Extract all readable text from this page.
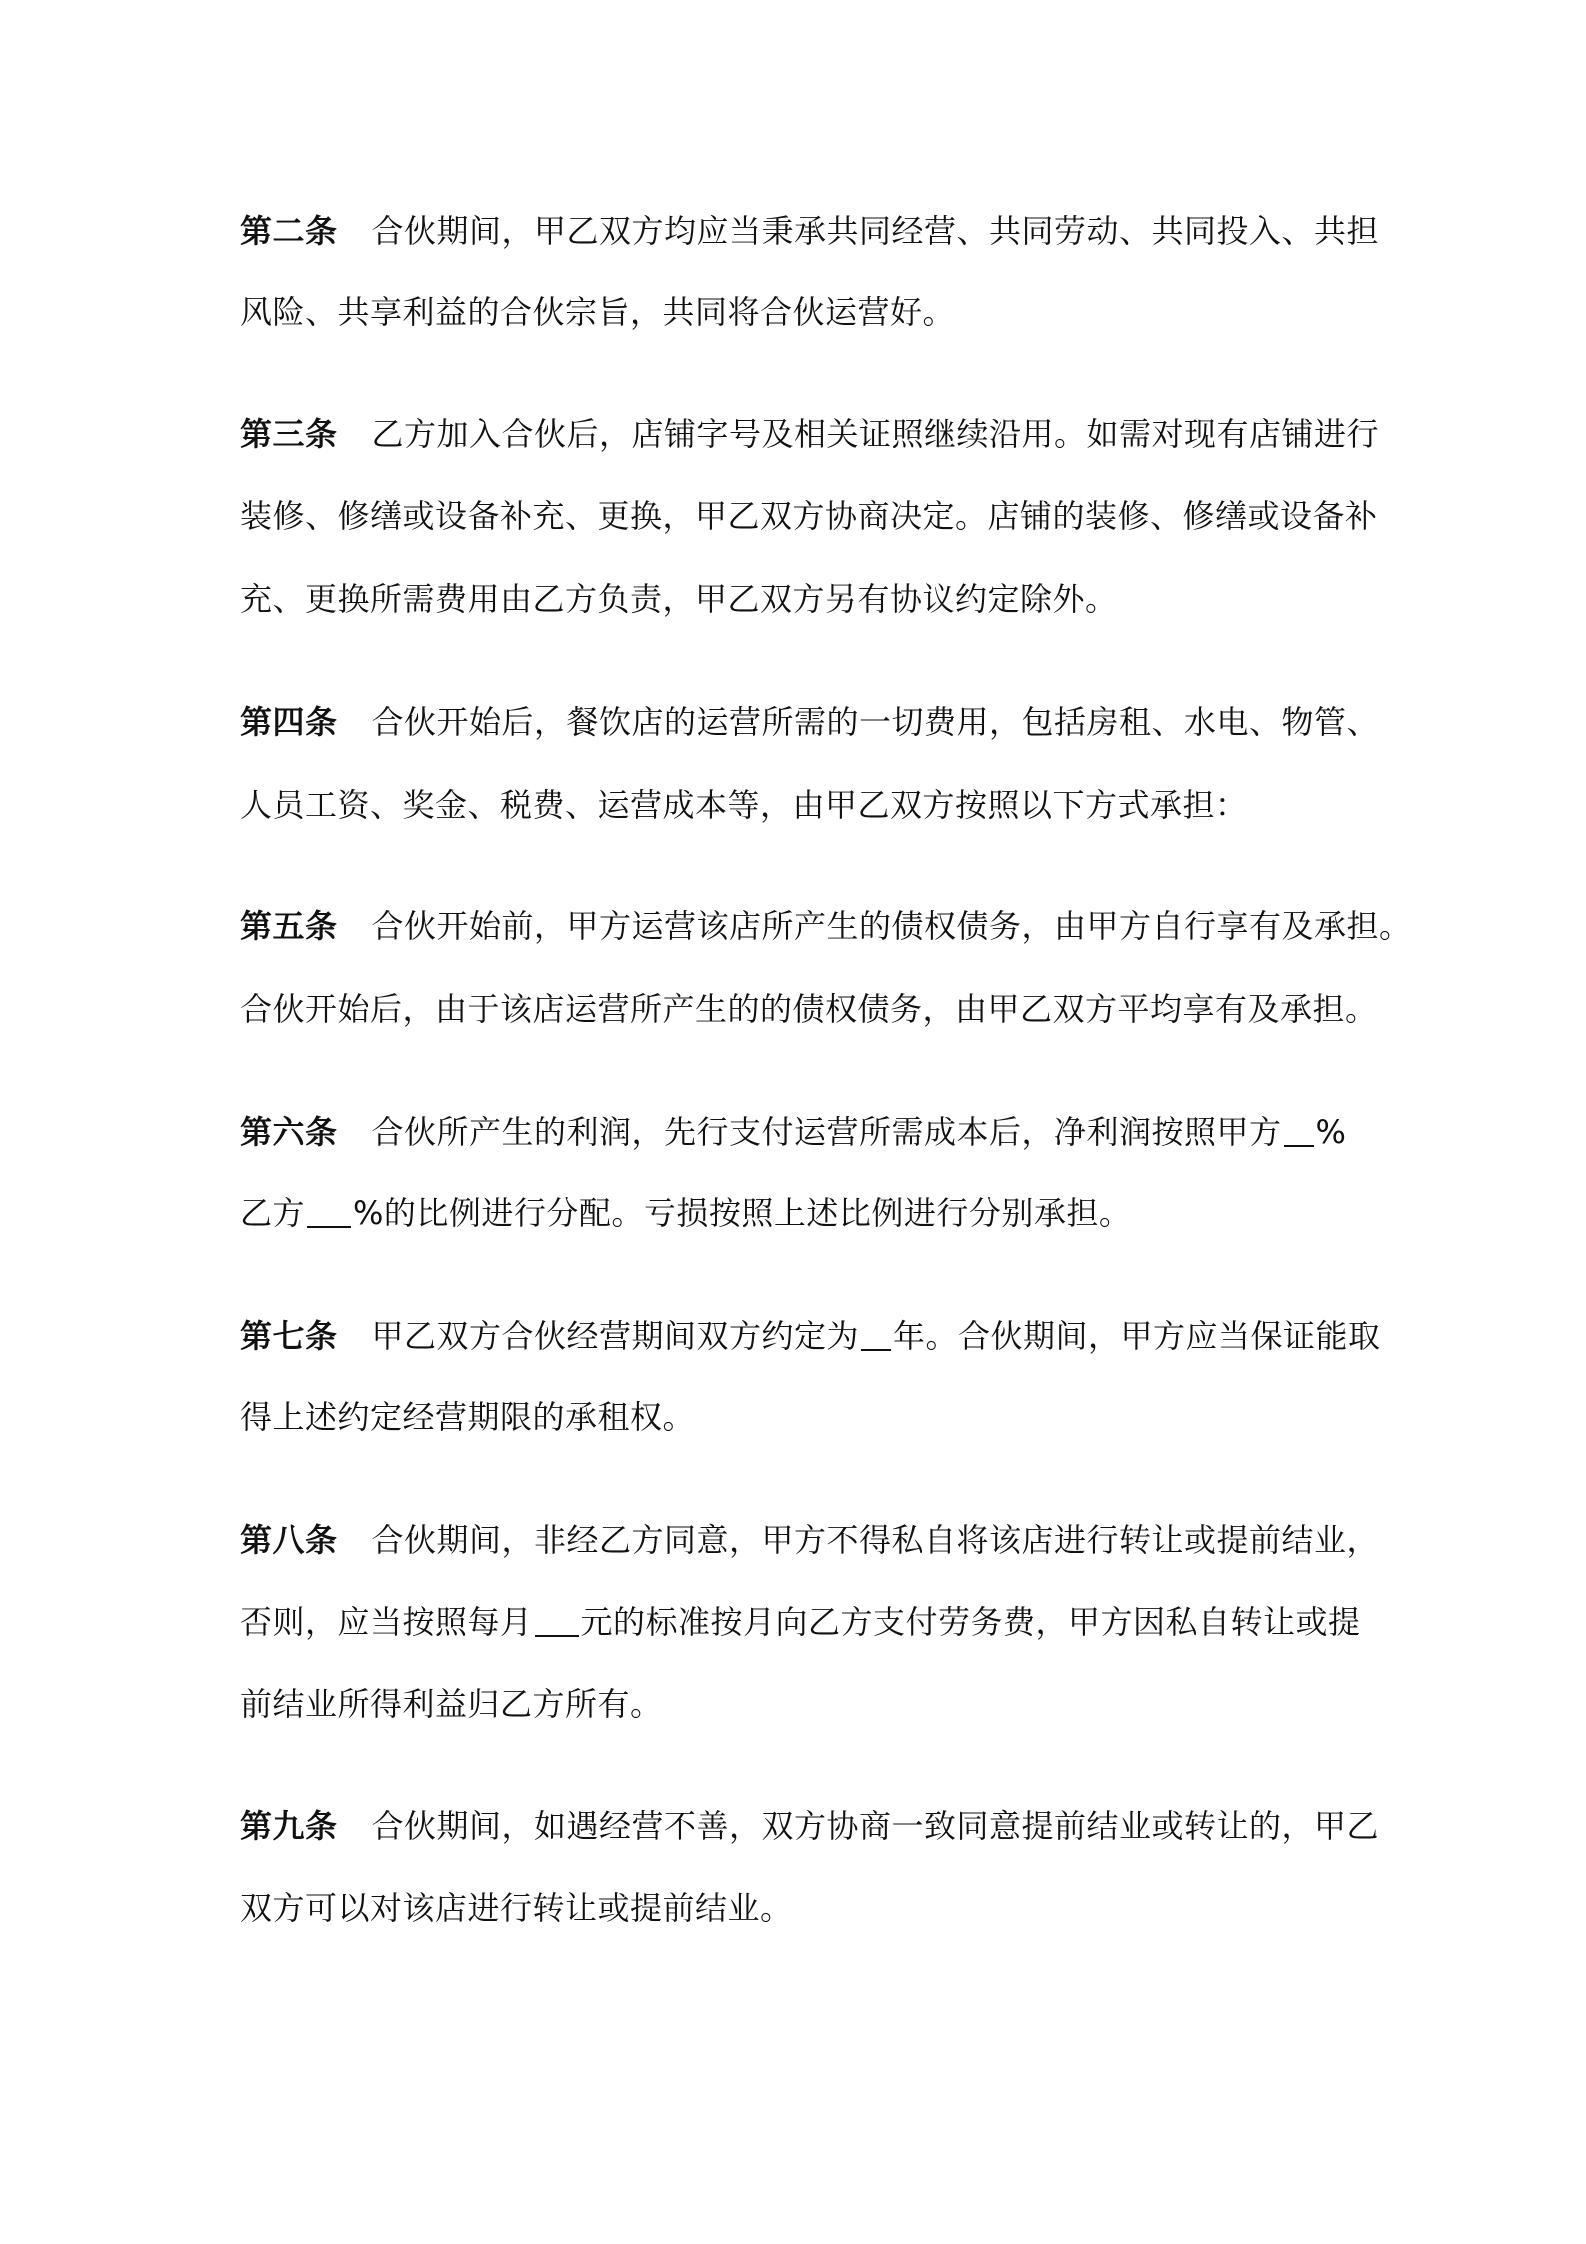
第二条 合伙期间，甲乙双方均应当秉承共同经营、共同劳动、共同投入、共担
风险、共享利益的合伙宗旨，共同将合伙运营好。
第三条 乙方加入合伙后，店铺字号及相关证照继续沿用。如需对现有店铺进行
装修、修缮或设备补充、更换，甲乙双方协商决定。店铺的装修、修缮或设备补
充、更换所需费用由乙方负责，甲乙双方另有协议约定除外。
第四条 合伙开始后，餐饮店的运营所需的一切费用，包括房租、水电、物管、
人员工资、奖金、税费、运营成本等，由甲乙双方按照以下方式承担：
第五条 合伙开始前，甲方运营该店所产生的债权债务，由甲方自行享有及承担。
合伙开始后，由于该店运营所产生的的债权债务，由甲乙双方平均享有及承担。
第六条 合伙所产生的利润，先行支付运营所需成本后，净利润按照甲方 %
乙方 %的比例进行分配。亏损按照上述比例进行分别承担。
第七条 甲乙双方合伙经营期间双方约定为 年。合伙期间，甲方应当保证能取
得上述约定经营期限的承租权。
第八条 合伙期间，非经乙方同意，甲方不得私自将该店进行转让或提前结业，
否则，应当按照每月 元的标准按月向乙方支付劳务费，甲方因私自转让或提
前结业所得利益归乙方所有。
第九条 合伙期间，如遇经营不善，双方协商一致同意提前结业或转让的，甲乙
双方可以对该店进行转让或提前结业。
